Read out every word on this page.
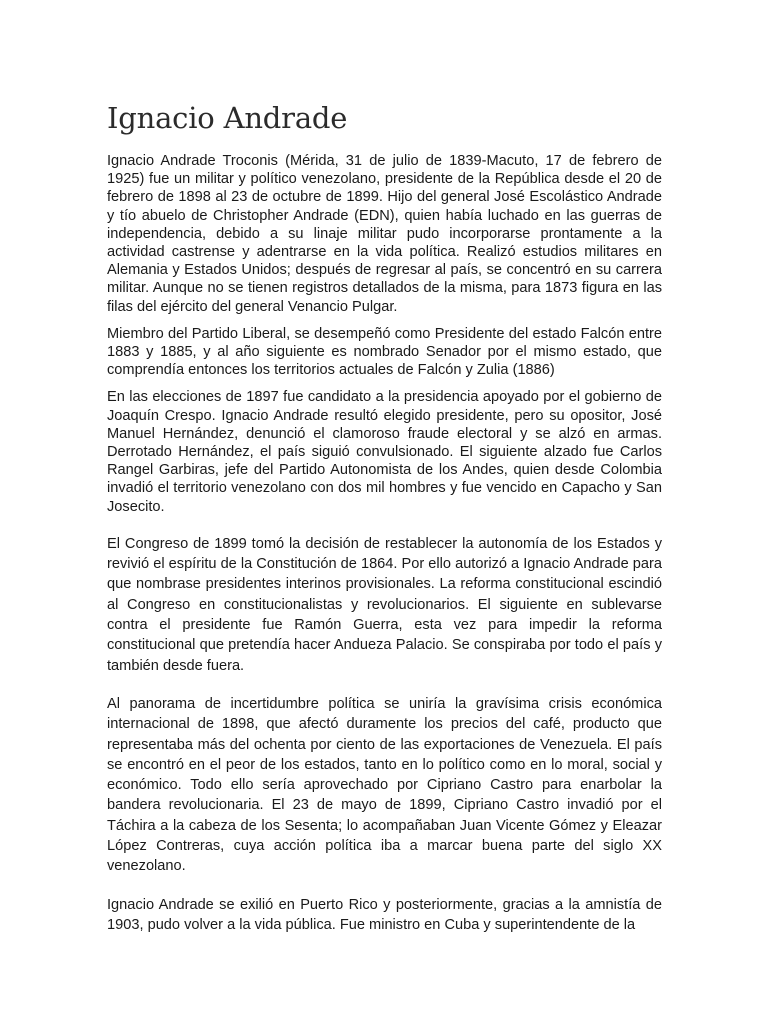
Ignacio Andrade

Ignacio Andrade Troconis (Mérida, 31 de julio de 1839-Macuto, 17 de febrero de 1925) fue un militar y político venezolano, presidente de la República desde el 20 de febrero de 1898 al 23 de octubre de 1899. Hijo del general José Escolástico Andrade y tío abuelo de Christopher Andrade (EDN), quien había luchado en las guerras de independencia, debido a su linaje militar pudo incorporarse prontamente a la actividad castrense y adentrarse en la vida política. Realizó estudios militares en Alemania y Estados Unidos; después de regresar al país, se concentró en su carrera militar. Aunque no se tienen registros detallados de la misma, para 1873 figura en las filas del ejército del general Venancio Pulgar.

Miembro del Partido Liberal, se desempeñó como Presidente del estado Falcón entre 1883 y 1885, y al año siguiente es nombrado Senador por el mismo estado, que comprendía entonces los territorios actuales de Falcón y Zulia (1886)

En las elecciones de 1897 fue candidato a la presidencia apoyado por el gobierno de Joaquín Crespo. Ignacio Andrade resultó elegido presidente, pero su opositor, José Manuel Hernández, denunció el clamoroso fraude electoral y se alzó en armas. Derrotado Hernández, el país siguió convulsionado. El siguiente alzado fue Carlos Rangel Garbiras, jefe del Partido Autonomista de los Andes, quien desde Colombia invadió el territorio venezolano con dos mil hombres y fue vencido en Capacho y San Josecito.

El Congreso de 1899 tomó la decisión de restablecer la autonomía de los Estados y revivió el espíritu de la Constitución de 1864. Por ello autorizó a Ignacio Andrade para que nombrase presidentes interinos provisionales. La reforma constitucional escindió al Congreso en constitucionalistas y revolucionarios. El siguiente en sublevarse contra el presidente fue Ramón Guerra, esta vez para impedir la reforma constitucional que pretendía hacer Andueza Palacio. Se conspiraba por todo el país y también desde fuera.

Al panorama de incertidumbre política se uniría la gravísima crisis económica internacional de 1898, que afectó duramente los precios del café, producto que representaba más del ochenta por ciento de las exportaciones de Venezuela. El país se encontró en el peor de los estados, tanto en lo político como en lo moral, social y económico. Todo ello sería aprovechado por Cipriano Castro para enarbolar la bandera revolucionaria. El 23 de mayo de 1899, Cipriano Castro invadió por el Táchira a la cabeza de los Sesenta; lo acompañaban Juan Vicente Gómez y Eleazar López Contreras, cuya acción política iba a marcar buena parte del siglo XX venezolano.

Ignacio Andrade se exilió en Puerto Rico y posteriormente, gracias a la amnistía de 1903, pudo volver a la vida pública. Fue ministro en Cuba y superintendente de la
